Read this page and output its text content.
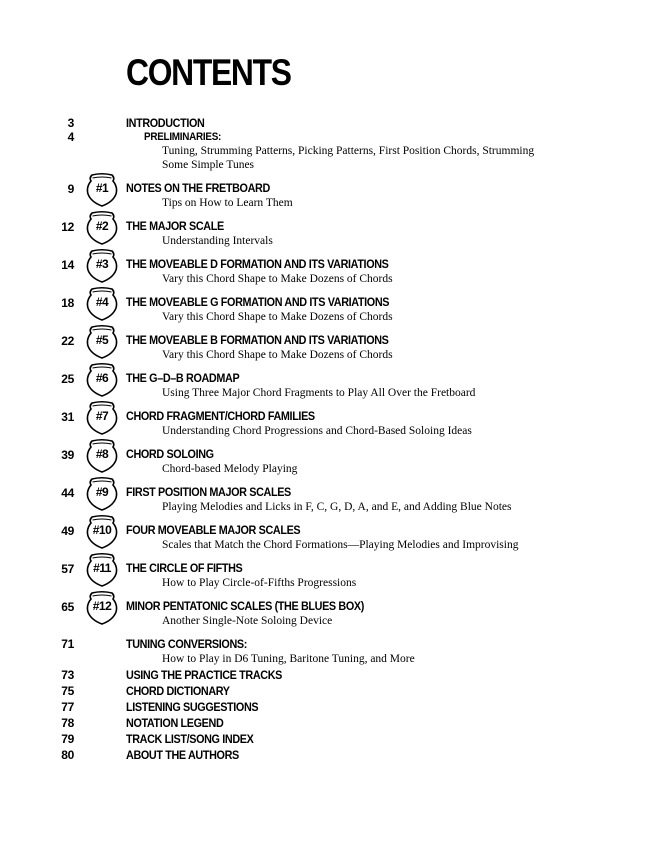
CONTENTS
3	INTRODUCTION
4	PRELIMINARIES:
Tuning, Strumming Patterns, Picking Patterns, First Position Chords, Strumming
Some Simple Tunes
9	#1	NOTES ON THE FRETBOARD
Tips on How to Learn Them
12	#2	THE MAJOR SCALE
Understanding Intervals
14	#3	THE MOVEABLE D FORMATION AND ITS VARIATIONS
Vary this Chord Shape to Make Dozens of Chords
18	#4	THE MOVEABLE G FORMATION AND ITS VARIATIONS
Vary this Chord Shape to Make Dozens of Chords
22	#5	THE MOVEABLE B FORMATION AND ITS VARIATIONS
Vary this Chord Shape to Make Dozens of Chords
25	#6	THE G–D–B ROADMAP
Using Three Major Chord Fragments to Play All Over the Fretboard
31	#7	CHORD FRAGMENT/CHORD FAMILIES
Understanding Chord Progressions and Chord-Based Soloing Ideas
39	#8	CHORD SOLOING
Chord-based Melody Playing
44	#9	FIRST POSITION MAJOR SCALES
Playing Melodies and Licks in F, C, G, D, A, and E, and Adding Blue Notes
49	#10	FOUR MOVEABLE MAJOR SCALES
Scales that Match the Chord Formations—Playing Melodies and Improvising
57	#11	THE CIRCLE OF FIFTHS
How to Play Circle-of-Fifths Progressions
65	#12	MINOR PENTATONIC SCALES (THE BLUES BOX)
Another Single-Note Soloing Device
71	TUNING CONVERSIONS:
How to Play in D6 Tuning, Baritone Tuning, and More
73	USING THE PRACTICE TRACKS
75	CHORD DICTIONARY
77	LISTENING SUGGESTIONS
78	NOTATION LEGEND
79	TRACK LIST/SONG INDEX
80	ABOUT THE AUTHORS
